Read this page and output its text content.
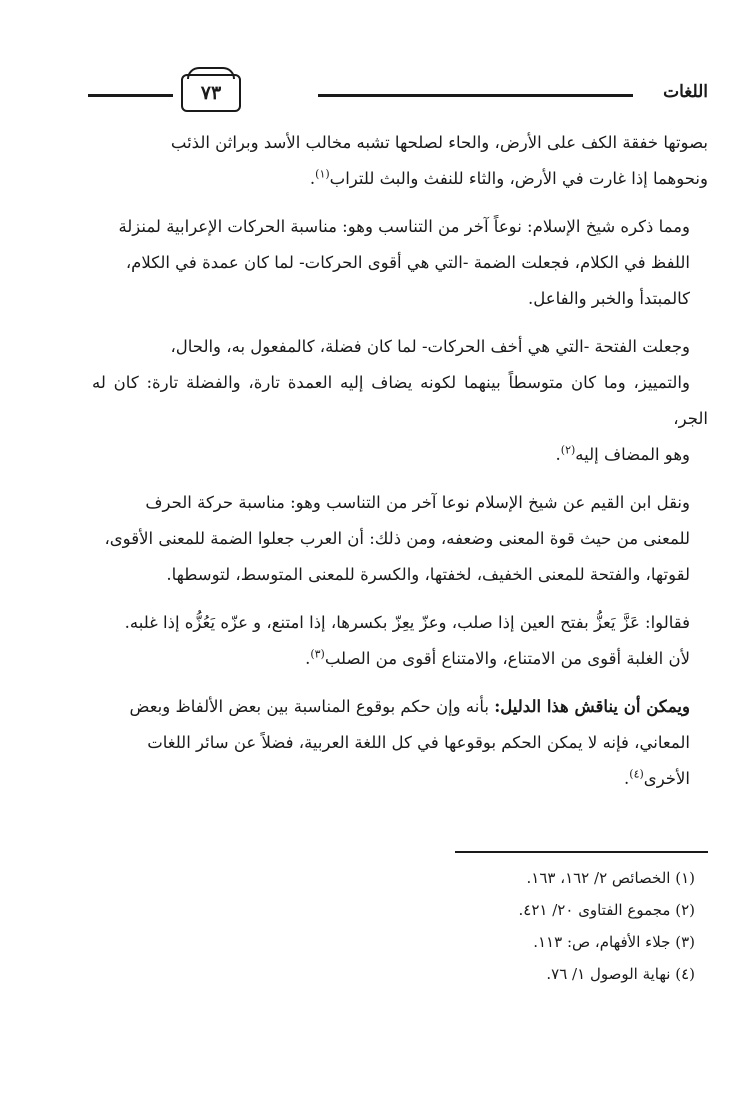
اللغات
٧٣

بصوتها خفقة الكف على الأرض، والحاء لصلحها تشبه مخالب الأسد وبراثن الذئب
ونحوهما إذا غارت في الأرض، والثاء للنفث والبث للتراب$^{(١)}$.

ومما ذكره شيخ الإسلام: نوعاً آخر من التناسب وهو: مناسبة الحركات الإعرابية لمنزلة
اللفظ في الكلام، فجعلت الضمة -التي هي أقوى الحركات- لما كان عمدة في الكلام،
كالمبتدأ والخبر والفاعل.

وجعلت الفتحة -التي هي أخف الحركات- لما كان فضلة، كالمفعول به، والحال،
والتمييز، وما كان متوسطاً بينهما لكونه يضاف إليه العمدة تارة، والفضلة تارة: كان له الجر،
وهو المضاف إليه$^{(٢)}$.

ونقل ابن القيم عن شيخ الإسلام نوعا آخر من التناسب وهو: مناسبة حركة الحرف
للمعنى من حيث قوة المعنى وضعفه، ومن ذلك: أن العرب جعلوا الضمة للمعنى الأقوى،
لقوتها، والفتحة للمعنى الخفيف، لخفتها، والكسرة للمعنى المتوسط، لتوسطها.

فقالوا: عَزَّ يَعزُّ بفتح العين إذا صلب، وعزّ يعِزّ بكسرها، إذا امتنع، و عزّه يَعُزُّه إذا غلبه.
لأن الغلبة أقوى من الامتناع، والامتناع أقوى من الصلب$^{(٣)}$.

ويمكن أن يناقش هذا الدليل: بأنه وإن حكم بوقوع المناسبة بين بعض الألفاظ وبعض
المعاني، فإنه لا يمكن الحكم بوقوعها في كل اللغة العربية، فضلاً عن سائر اللغات
الأخرى$^{(٤)}$.

(١) الخصائص ٢/ ١٦٢، ١٦٣.
(٢) مجموع الفتاوى ٢٠/ ٤٢١.
(٣) جلاء الأفهام، ص: ١١٣.
(٤) نهاية الوصول ١/ ٧٦.
